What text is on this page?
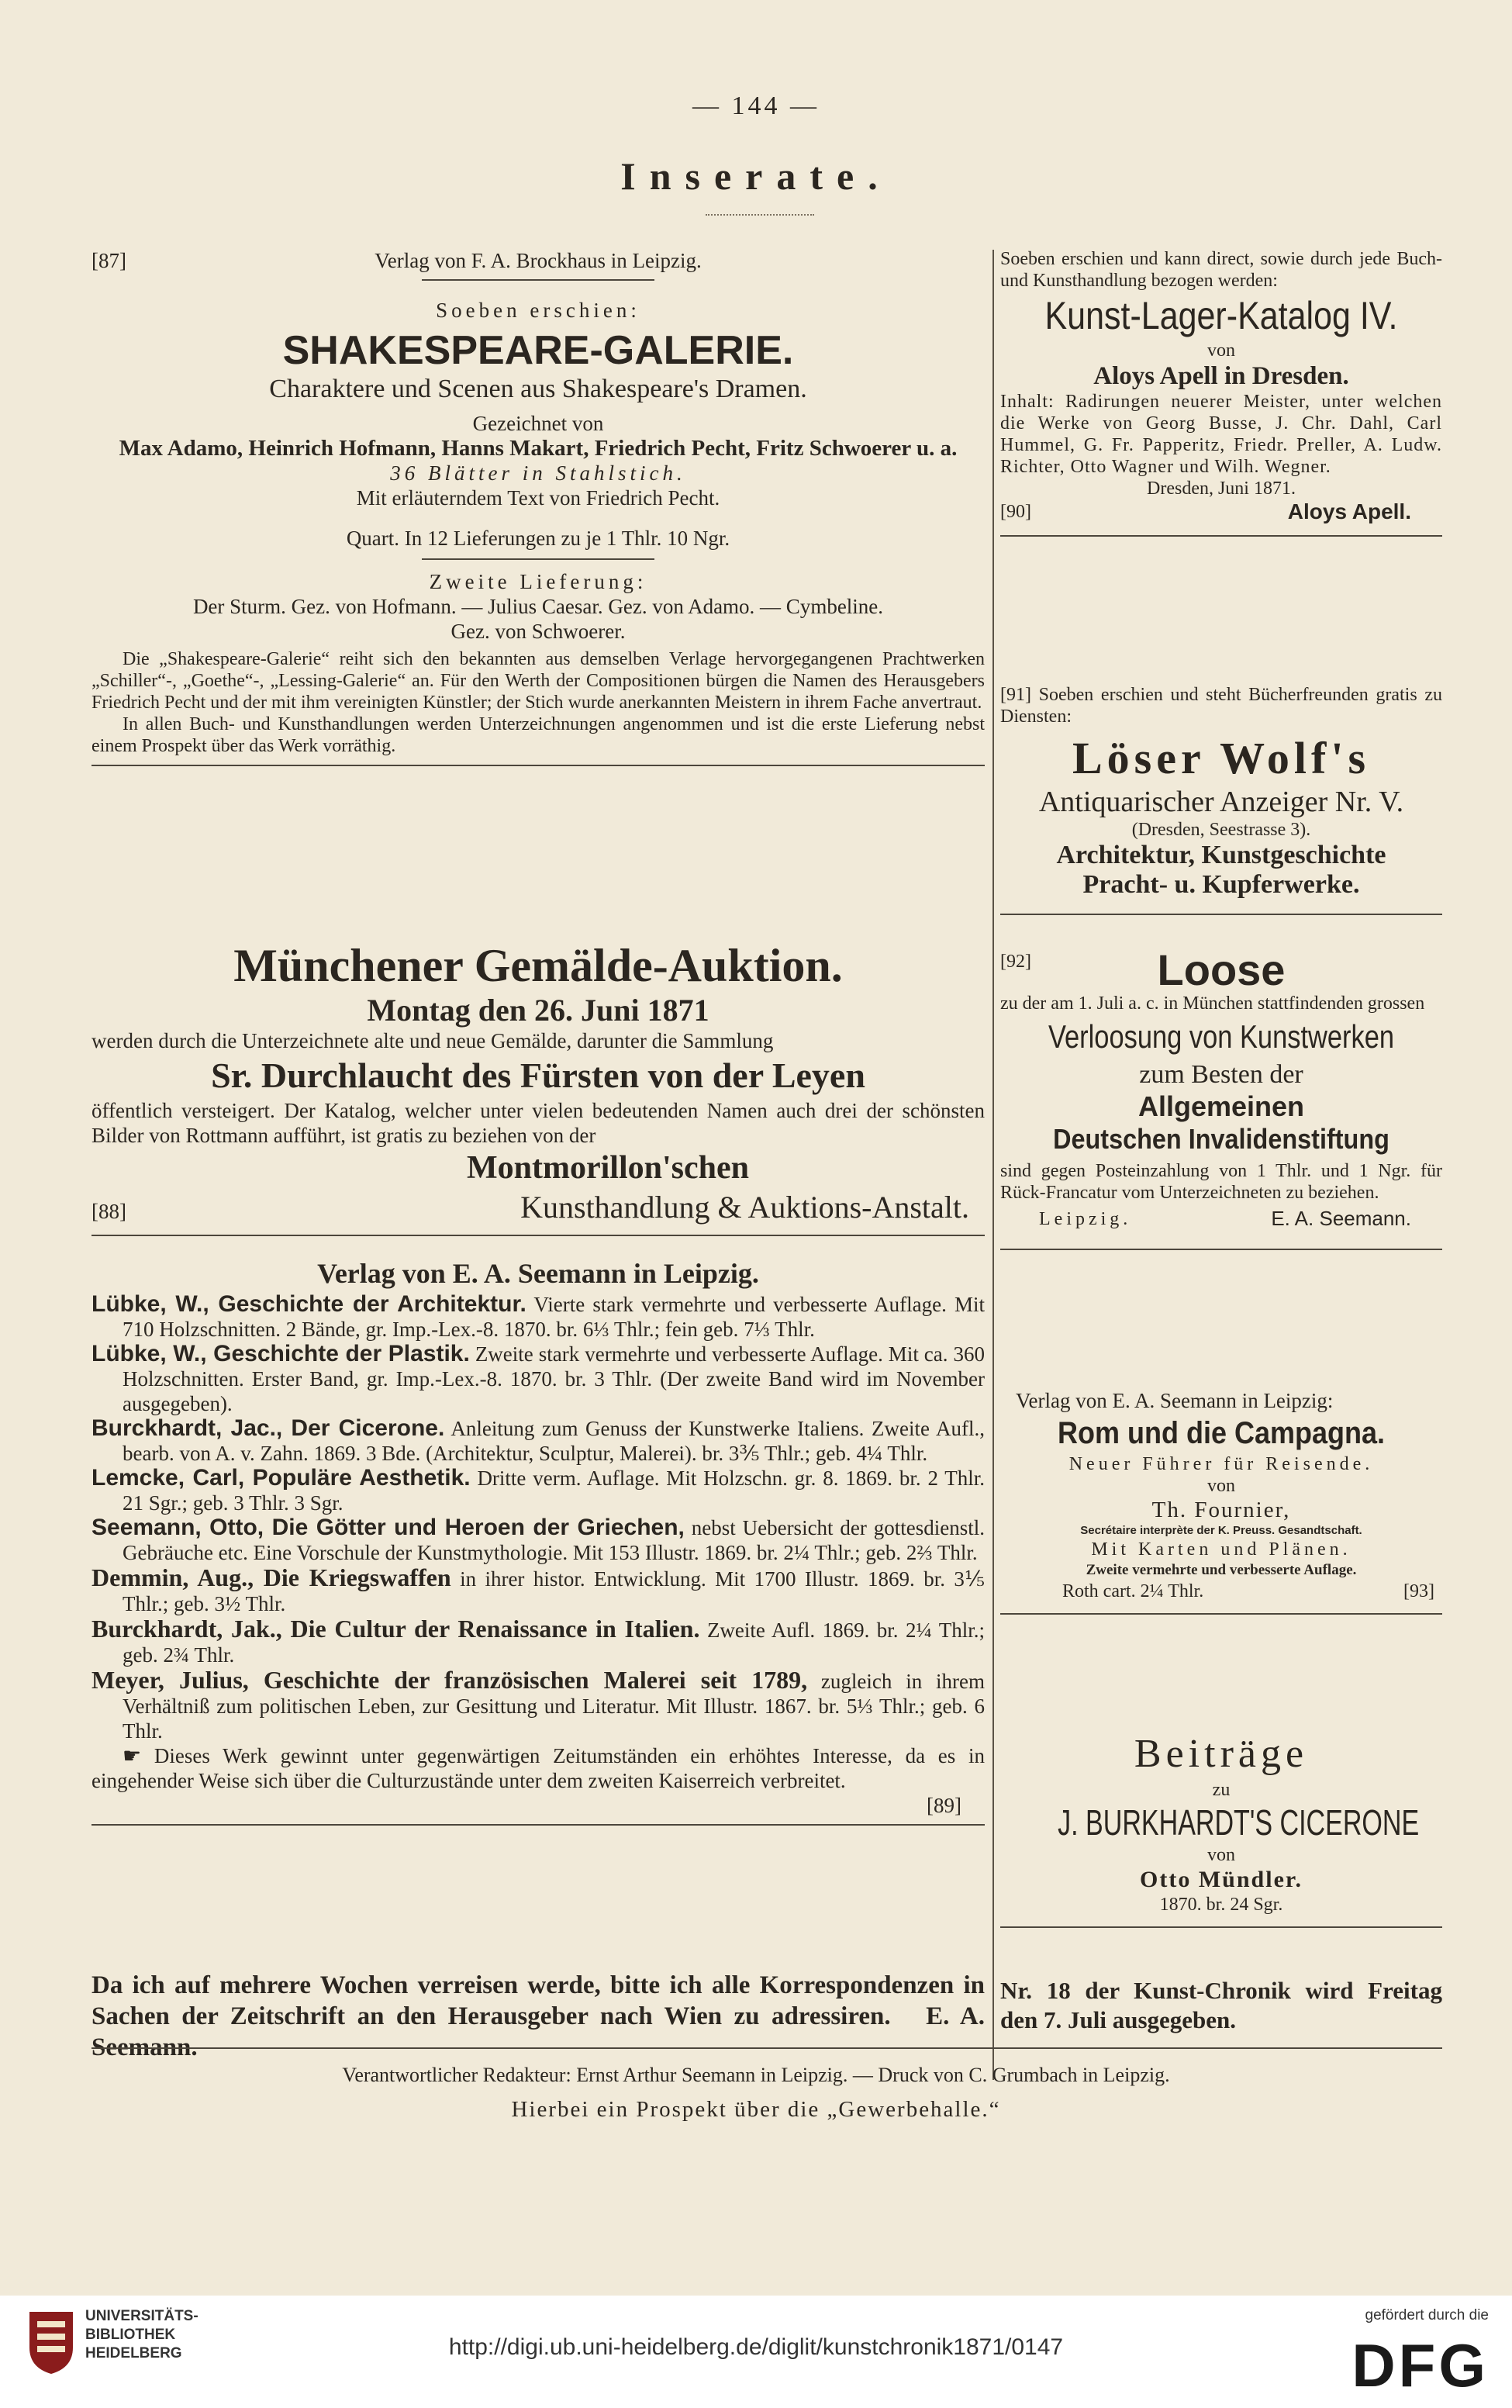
— 144 —
Inserate.
[87]	Verlag von F. A. Brockhaus in Leipzig.

Soeben erschien:

SHAKESPEARE-GALERIE.

Charaktere und Scenen aus Shakespeare's Dramen.

Gezeichnet von

Max Adamo, Heinrich Hofmann, Hanns Makart, Friedrich Pecht, Fritz Schwoerer u. a.

36 Blätter in Stahlstich.

Mit erläuterndem Text von Friedrich Pecht.

Quart. In 12 Lieferungen zu je 1 Thlr. 10 Ngr.

Zweite Lieferung:

Der Sturm. Gez. von Hofmann. — Julius Caesar. Gez. von Adamo. — Cymbeline. Gez. von Schwoerer.

Die „Shakespeare-Galerie“ reiht sich den bekannten aus demselben Verlage hervorgegangenen Prachtwerken „Schiller“-, „Goethe“-, „Lessing-Galerie“ an. Für den Werth der Compositionen bürgen die Namen des Herausgebers Friedrich Pecht und der mit ihm vereinigten Künstler; der Stich wurde anerkannten Meistern in ihrem Fache anvertraut.

In allen Buch- und Kunsthandlungen werden Unterzeichnungen angenommen und ist die erste Lieferung nebst einem Prospekt über das Werk vorräthig.

Münchener Gemälde-Auktion.

Montag den 26. Juni 1871

werden durch die Unterzeichnete alte und neue Gemälde, darunter die Sammlung

Sr. Durchlaucht des Fürsten von der Leyen

öffentlich versteigert. Der Katalog, welcher unter vielen bedeutenden Namen auch drei der schönsten Bilder von Rottmann aufführt, ist gratis zu beziehen von der

Montmorillon'schen

[88]	Kunsthandlung & Auktions-Anstalt.

Verlag von E. A. Seemann in Leipzig.

Lübke, W., Geschichte der Architektur. Vierte stark vermehrte und verbesserte Auflage. Mit 710 Holzschnitten. 2 Bände, gr. Imp.-Lex.-8. 1870. br. 6⅓ Thlr.; fein geb. 7⅓ Thlr.

Lübke, W., Geschichte der Plastik. Zweite stark vermehrte und verbesserte Auflage. Mit ca. 360 Holzschnitten. Erster Band, gr. Imp.-Lex.-8. 1870. br. 3 Thlr. (Der zweite Band wird im November ausgegeben).

Burckhardt, Jac., Der Cicerone. Anleitung zum Genuss der Kunstwerke Italiens. Zweite Aufl., bearb. von A. v. Zahn. 1869. 3 Bde. (Architektur, Sculptur, Malerei). br. 3⅗ Thlr.; geb. 4¼ Thlr.

Lemcke, Carl, Populäre Aesthetik. Dritte verm. Auflage. Mit Holzschn. gr. 8. 1869. br. 2 Thlr. 21 Sgr.; geb. 3 Thlr. 3 Sgr.

Seemann, Otto, Die Götter und Heroen der Griechen, nebst Uebersicht der gottesdienstl. Gebräuche etc. Eine Vorschule der Kunstmythologie. Mit 153 Illustr. 1869. br. 2¼ Thlr.; geb. 2⅔ Thlr.

Demmin, Aug., Die Kriegswaffen in ihrer histor. Entwicklung. Mit 1700 Illustr. 1869. br. 3⅕ Thlr.; geb. 3½ Thlr.

Burckhardt, Jak., Die Cultur der Renaissance in Italien. Zweite Aufl. 1869. br. 2¼ Thlr.; geb. 2¾ Thlr.

Meyer, Julius, Geschichte der französischen Malerei seit 1789, zugleich in ihrem Verhältniß zum politischen Leben, zur Gesittung und Literatur. Mit Illustr. 1867. br. 5⅓ Thlr.; geb. 6 Thlr.

☛ Dieses Werk gewinnt unter gegenwärtigen Zeitumständen ein erhöhtes Interesse, da es in eingehender Weise sich über die Culturzustände unter dem zweiten Kaiserreich verbreitet.

[89]

Da ich auf mehrere Wochen verreisen werde, bitte ich alle Korrespondenzen in Sachen der Zeitschrift an den Herausgeber nach Wien zu adressiren. E. A. Seemann.

Soeben erschien und kann direct, sowie durch jede Buch- und Kunsthandlung bezogen werden:

Kunst-Lager-Katalog IV.

von

Aloys Apell in Dresden.

Inhalt: Radirungen neuerer Meister, unter welchen die Werke von Georg Busse, J. Chr. Dahl, Carl Hummel, G. Fr. Papperitz, Friedr. Preller, A. Ludw. Richter, Otto Wagner und Wilh. Wegner.

Dresden, Juni 1871.

[90]	Aloys Apell.

[91] Soeben erschien und steht Bücherfreunden gratis zu Diensten:

Löser Wolf's

Antiquarischer Anzeiger Nr. V.

(Dresden, Seestrasse 3).

Architektur, Kunstgeschichte

Pracht- u. Kupferwerke.

[92]	Loose

zu der am 1. Juli a. c. in München stattfindenden grossen

Verloosung von Kunstwerken

zum Besten der

Allgemeinen

Deutschen Invalidenstiftung

sind gegen Posteinzahlung von 1 Thlr. und 1 Ngr. für Rück-Francatur vom Unterzeichneten zu beziehen.

Leipzig.	E. A. Seemann.

Verlag von E. A. Seemann in Leipzig:

Rom und die Campagna.

Neuer Führer für Reisende.

von

Th. Fournier,

Secrétaire interprète der K. Preuss. Gesandtschaft.

Mit Karten und Plänen.

Zweite vermehrte und verbesserte Auflage.

Roth cart. 2¼ Thlr.	[93]

Beiträge

zu

J. BURKHARDT'S CICERONE

von

Otto Mündler.

1870. br. 24 Sgr.

Nr. 18 der Kunst-Chronik wird Freitag den 7. Juli ausgegeben.

Verantwortlicher Redakteur: Ernst Arthur Seemann in Leipzig. — Druck von C. Grumbach in Leipzig.

Hierbei ein Prospekt über die „Gewerbehalle.“

UNIVERSITÄTS-
BIBLIOTHEK
HEIDELBERG	http://digi.ub.uni-heidelberg.de/diglit/kunstchronik1871/0147
gefördert durch die
DFG
